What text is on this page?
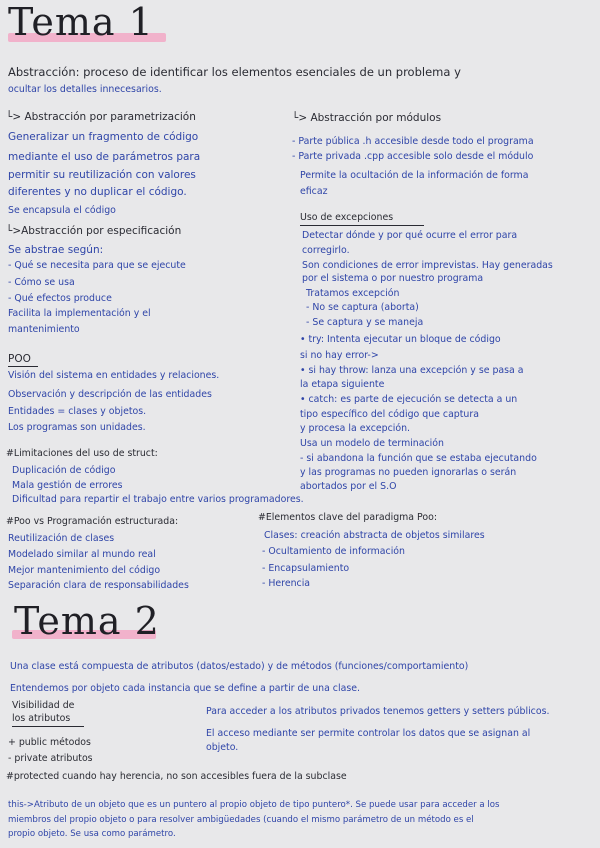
Tema 1
Abstracción: proceso de identificar los elementos esenciales de un problema y
ocultar los detalles innecesarios.
└> Abstracción por parametrización
Generalizar un fragmento de código
mediante el uso de parámetros para
permitir su reutilización con valores
diferentes y no duplicar el código.
Se encapsula el código
└>Abstracción por especificación
Se abstrae según:
- Qué se necesita para que se ejecute
- Cómo se usa
- Qué efectos produce
Facilita la implementación y el
mantenimiento
POO
Visión del sistema en entidades y relaciones.
Observación y descripción de las entidades
Entidades = clases y objetos.
Los programas son unidades.
#Limitaciones del uso de struct:
Duplicación de código
Mala gestión de errores
Dificultad para repartir el trabajo entre varios programadores.
#Poo vs Programación estructurada:
Reutilización de clases
Modelado similar al mundo real
Mejor mantenimiento del código
Separación clara de responsabilidades
└> Abstracción por módulos
- Parte pública .h accesible desde todo el programa
- Parte privada .cpp accesible solo desde el módulo
Permite la ocultación de la información de forma
eficaz
Uso de excepciones
Detectar dónde y por qué ocurre el error para
corregirlo.
Son condiciones de error imprevistas. Hay generadas
por el sistema o por nuestro programa
Tratamos excepción
- No se captura (aborta)
- Se captura y se maneja
• try: Intenta ejecutar un bloque de código
si no hay error->
• si hay throw: lanza una excepción y se pasa a
la etapa siguiente
• catch: es parte de ejecución se detecta a un
tipo específico del código que captura
y procesa la excepción.
Usa un modelo de terminación
- si abandona la función que se estaba ejecutando
y las programas no pueden ignorarlas o serán
abortados por el S.O
#Elementos clave del paradigma Poo:
Clases: creación abstracta de objetos similares
- Ocultamiento de información
- Encapsulamiento
- Herencia
Tema 2
Una clase está compuesta de atributos (datos/estado) y de métodos (funciones/comportamiento)
Entendemos por objeto cada instancia que se define a partir de una clase.
Visibilidad de
los atributos
+ public métodos
- private atributos
#protected cuando hay herencia, no son accesibles fuera de la subclase
Para acceder a los atributos privados tenemos getters y setters públicos.
El acceso mediante ser permite controlar los datos que se asignan al
objeto.
this->Atributo de un objeto que es un puntero al propio objeto de tipo puntero*. Se puede usar para acceder a los
miembros del propio objeto o para resolver ambigüedades (cuando el mismo parámetro de un método es el
propio objeto. Se usa como parámetro.
